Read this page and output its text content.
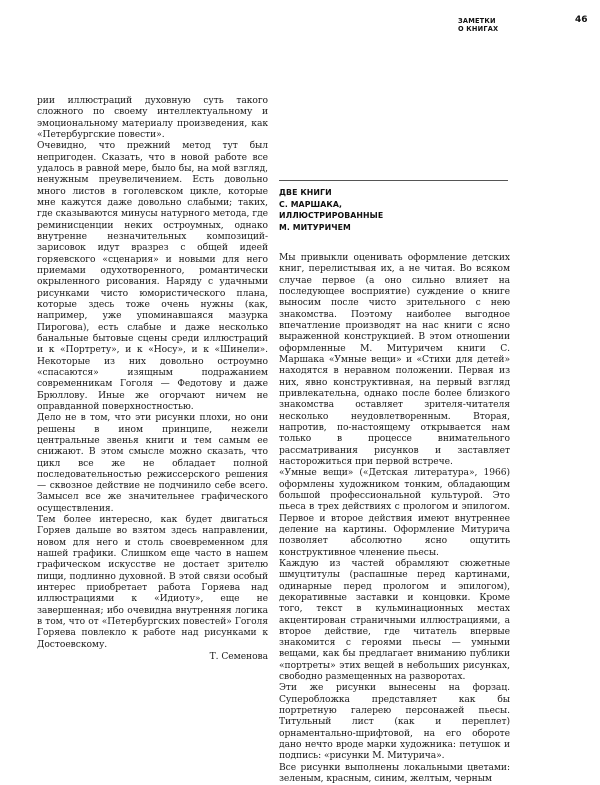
ЗАМЕТКИ
О КНИГАХ
46

рии иллюстраций духовную суть такого сложного по своему интеллектуальному и эмоциональному материалу произведения, как «Петербургские повести».

Очевидно, что прежний метод тут был непригоден. Сказать, что в новой работе все удалось в равной мере, было бы, на мой взгляд, ненужным преувеличением. Есть довольно много листов в гоголевском цикле, которые мне кажутся даже довольно слабыми; таких, где сказываются минусы натурного метода, где реминисценции неких остроумных, однако внутренне незначительных композиций-зарисовок идут вразрез с общей идеей горяевского «сценария» и новыми для него приемами одухотворенного, романтически окрыленного рисования. Наряду с удачными рисунками чисто юмористического плана, которые здесь тоже очень нужны (как, например, уже упоминавшаяся мазурка Пирогова), есть слабые и даже несколько банальные бытовые сцены среди иллюстраций и к «Портрету», и к «Носу», и к «Шинели». Некоторые из них довольно остроумно «спасаются» изящным подражанием современникам Гоголя — Федотову и даже Брюллову. Иные же огорчают ничем не оправданной поверхностностью.

Дело не в том, что эти рисунки плохи, но они решены в ином принципе, нежели центральные звенья книги и тем самым ее снижают. В этом смысле можно сказать, что цикл все же не обладает полной последовательностью режиссерского решения — сквозное действие не подчинило себе всего. Замысел все же значительнее графического осуществления.

Тем более интересно, как будет двигаться Горяев дальше во взятом здесь направлении, новом для него и столь своевременном для нашей графики. Слишком еще часто в нашем графическом искусстве не достает зрителю пищи, подлинно духовной. В этой связи особый интерес приобретает работа Горяева над иллюстрациями к «Идиоту», еще не завершенная; ибо очевидна внутренняя логика в том, что от «Петербургских повестей» Гоголя Горяева повлекло к работе над рисунками к Достоевскому.

Т. Семенова

ДВЕ КНИГИ
С. МАРШАКА,
ИЛЛЮСТРИРОВАННЫЕ
М. МИТУРИЧЕМ

Мы привыкли оценивать оформление детских книг, перелистывая их, а не читая. Во всяком случае первое (а оно сильно влияет на последующее восприятие) суждение о книге выносим после чисто зрительного с нею знакомства. Поэтому наиболее выгодное впечатление производят на нас книги с ясно выраженной конструкцией. В этом отношении оформленные М. Митуричем книги С. Маршака «Умные вещи» и «Стихи для детей» находятся в неравном положении. Первая из них, явно конструктивная, на первый взгляд привлекательна, однако после более близкого знакомства оставляет зрителя-читателя несколько неудовлетворенным. Вторая, напротив, по-настоящему открывается нам только в процессе внимательного рассматривания рисунков и заставляет насторожиться при первой встрече.

«Умные вещи» («Детская литература», 1966) оформлены художником тонким, обладающим большой профессиональной культурой. Это пьеса в трех действиях с прологом и эпилогом. Первое и второе действия имеют внутреннее деление на картины. Оформление Митурича позволяет абсолютно ясно ощутить конструктивное членение пьесы.

Каждую из частей обрамляют сюжетные шмуцтитулы (распашные перед картинами, одинарные перед прологом и эпилогом), декоративные заставки и концовки. Кроме того, текст в кульминационных местах акцентирован страничными иллюстрациями, а второе действие, где читатель впервые знакомится с героями пьесы — умными вещами, как бы предлагает вниманию публики «портреты» этих вещей в небольших рисунках, свободно размещенных на разворотах.

Эти же рисунки вынесены на форзац. Суперобложка представляет как бы портретную галерею персонажей пьесы. Титульный лист (как и переплет) орнаментально-шрифтовой, на его обороте дано нечто вроде марки художника: петушок и подпись: «рисунки М. Митурича».

Все рисунки выполнены локальными цветами: зеленым, красным, синим, желтым, черным
